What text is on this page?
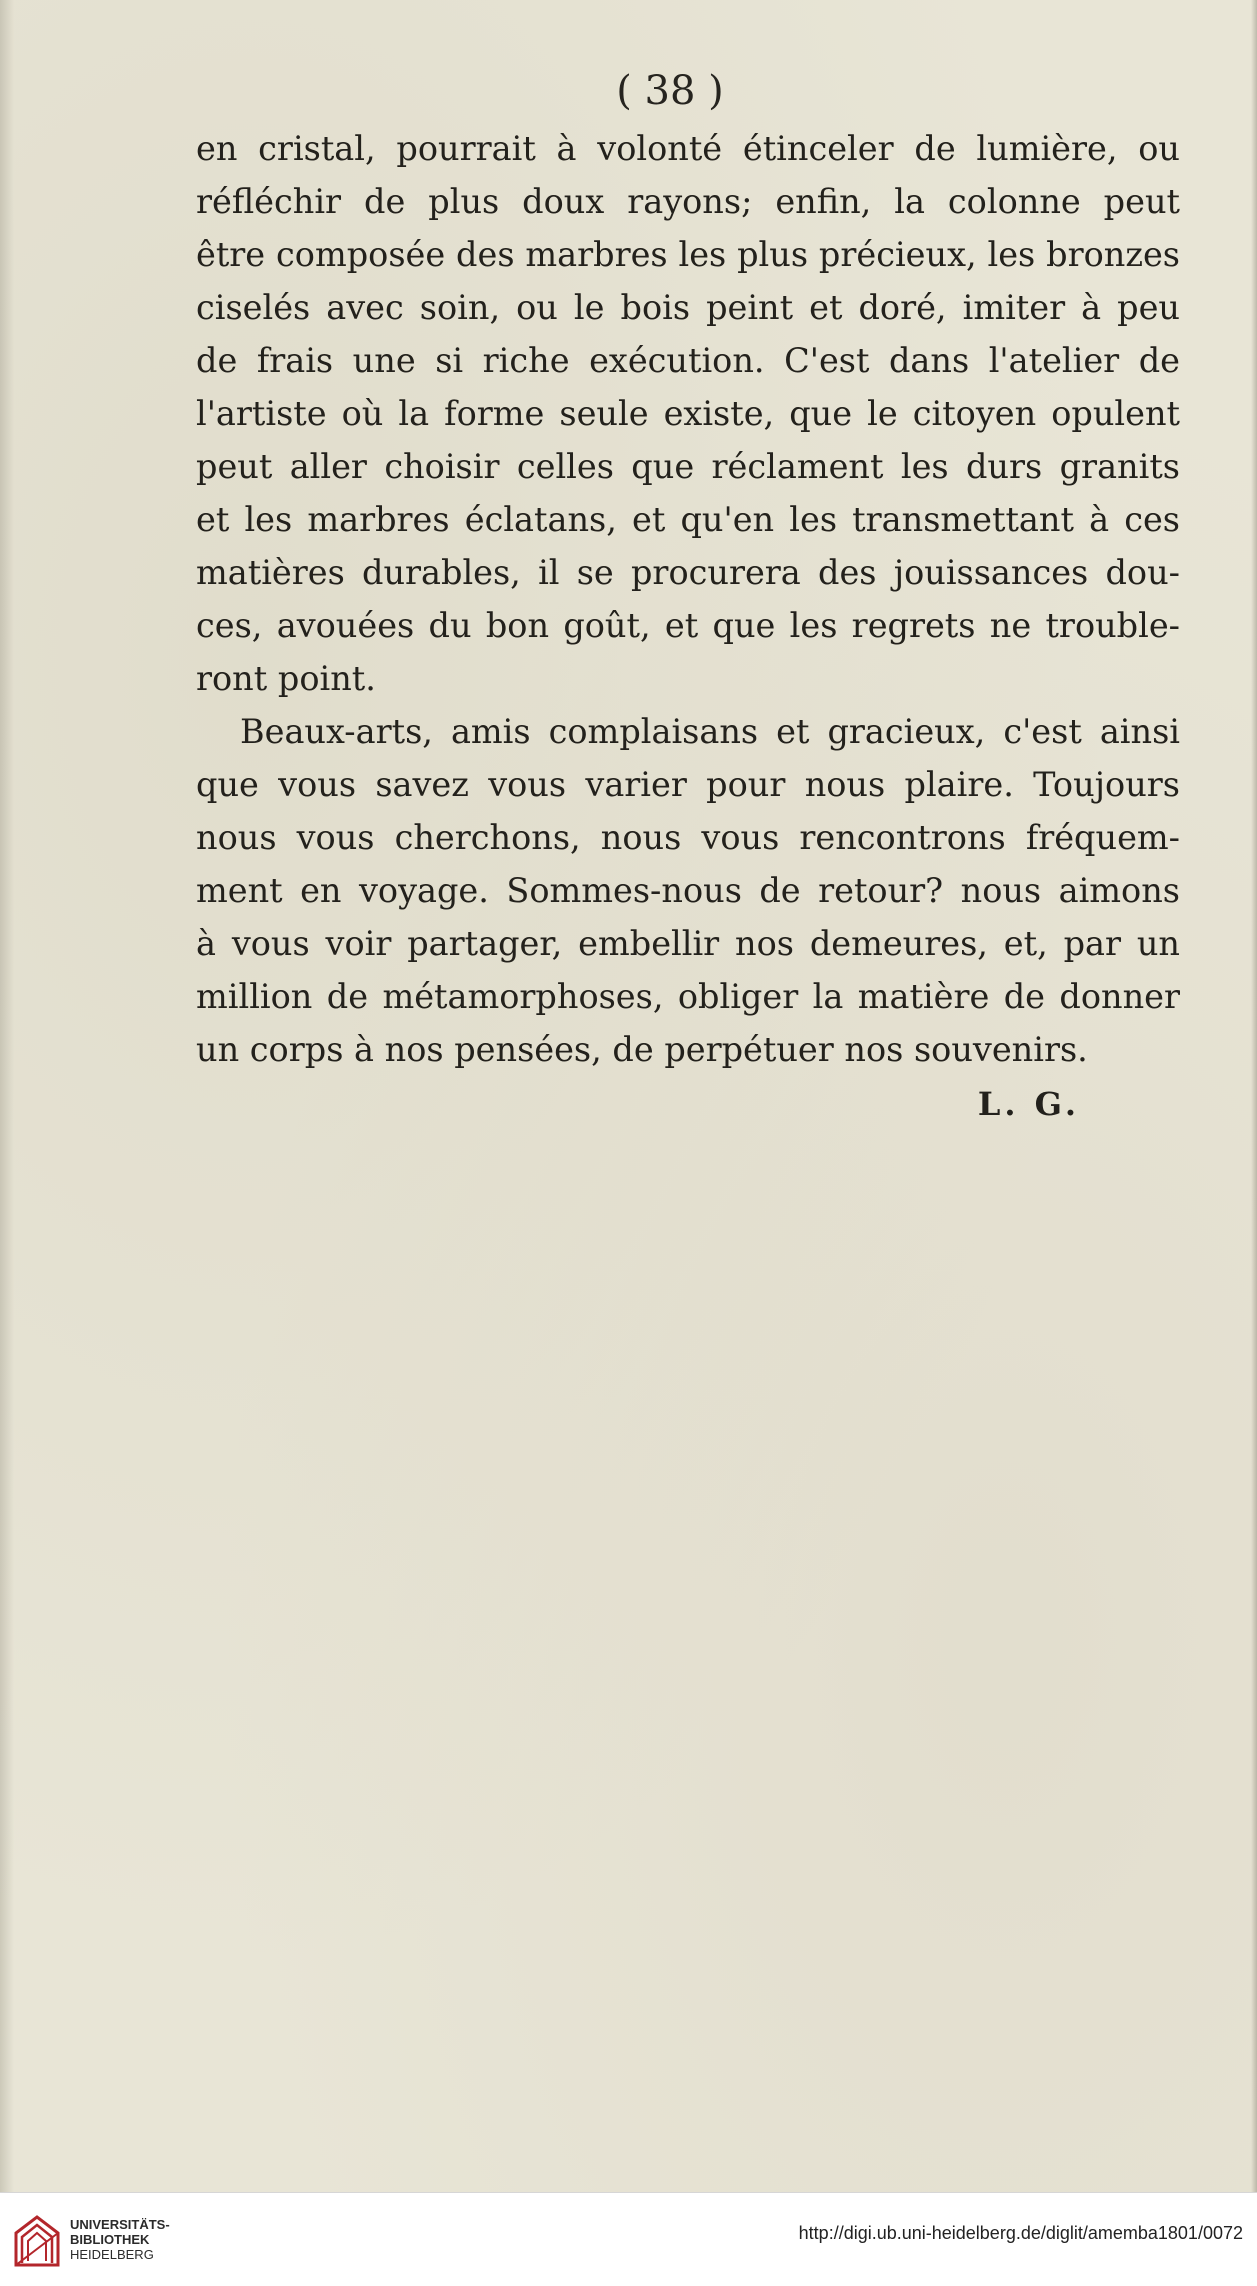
( 38 )
en cristal, pourrait à volonté étinceler de lumière, ou
réfléchir de plus doux rayons; enfin, la colonne peut
être composée des marbres les plus précieux, les bronzes
ciselés avec soin, ou le bois peint et doré, imiter à peu
de frais une si riche exécution. C'est dans l'atelier de
l'artiste où la forme seule existe, que le citoyen opulent
peut aller choisir celles que réclament les durs granits
et les marbres éclatans, et qu'en les transmettant à ces
matières durables, il se procurera des jouissances dou-
ces, avouées du bon goût, et que les regrets ne trouble-
ront point.
Beaux-arts, amis complaisans et gracieux, c'est ainsi
que vous savez vous varier pour nous plaire. Toujours
nous vous cherchons, nous vous rencontrons fréquem-
ment en voyage. Sommes-nous de retour? nous aimons
à vous voir partager, embellir nos demeures, et, par un
million de métamorphoses, obliger la matière de donner
un corps à nos pensées, de perpétuer nos souvenirs.
L. G.
UNIVERSITÄTS-
BIBLIOTHEK
HEIDELBERG
http://digi.ub.uni-heidelberg.de/diglit/amemba1801/0072
